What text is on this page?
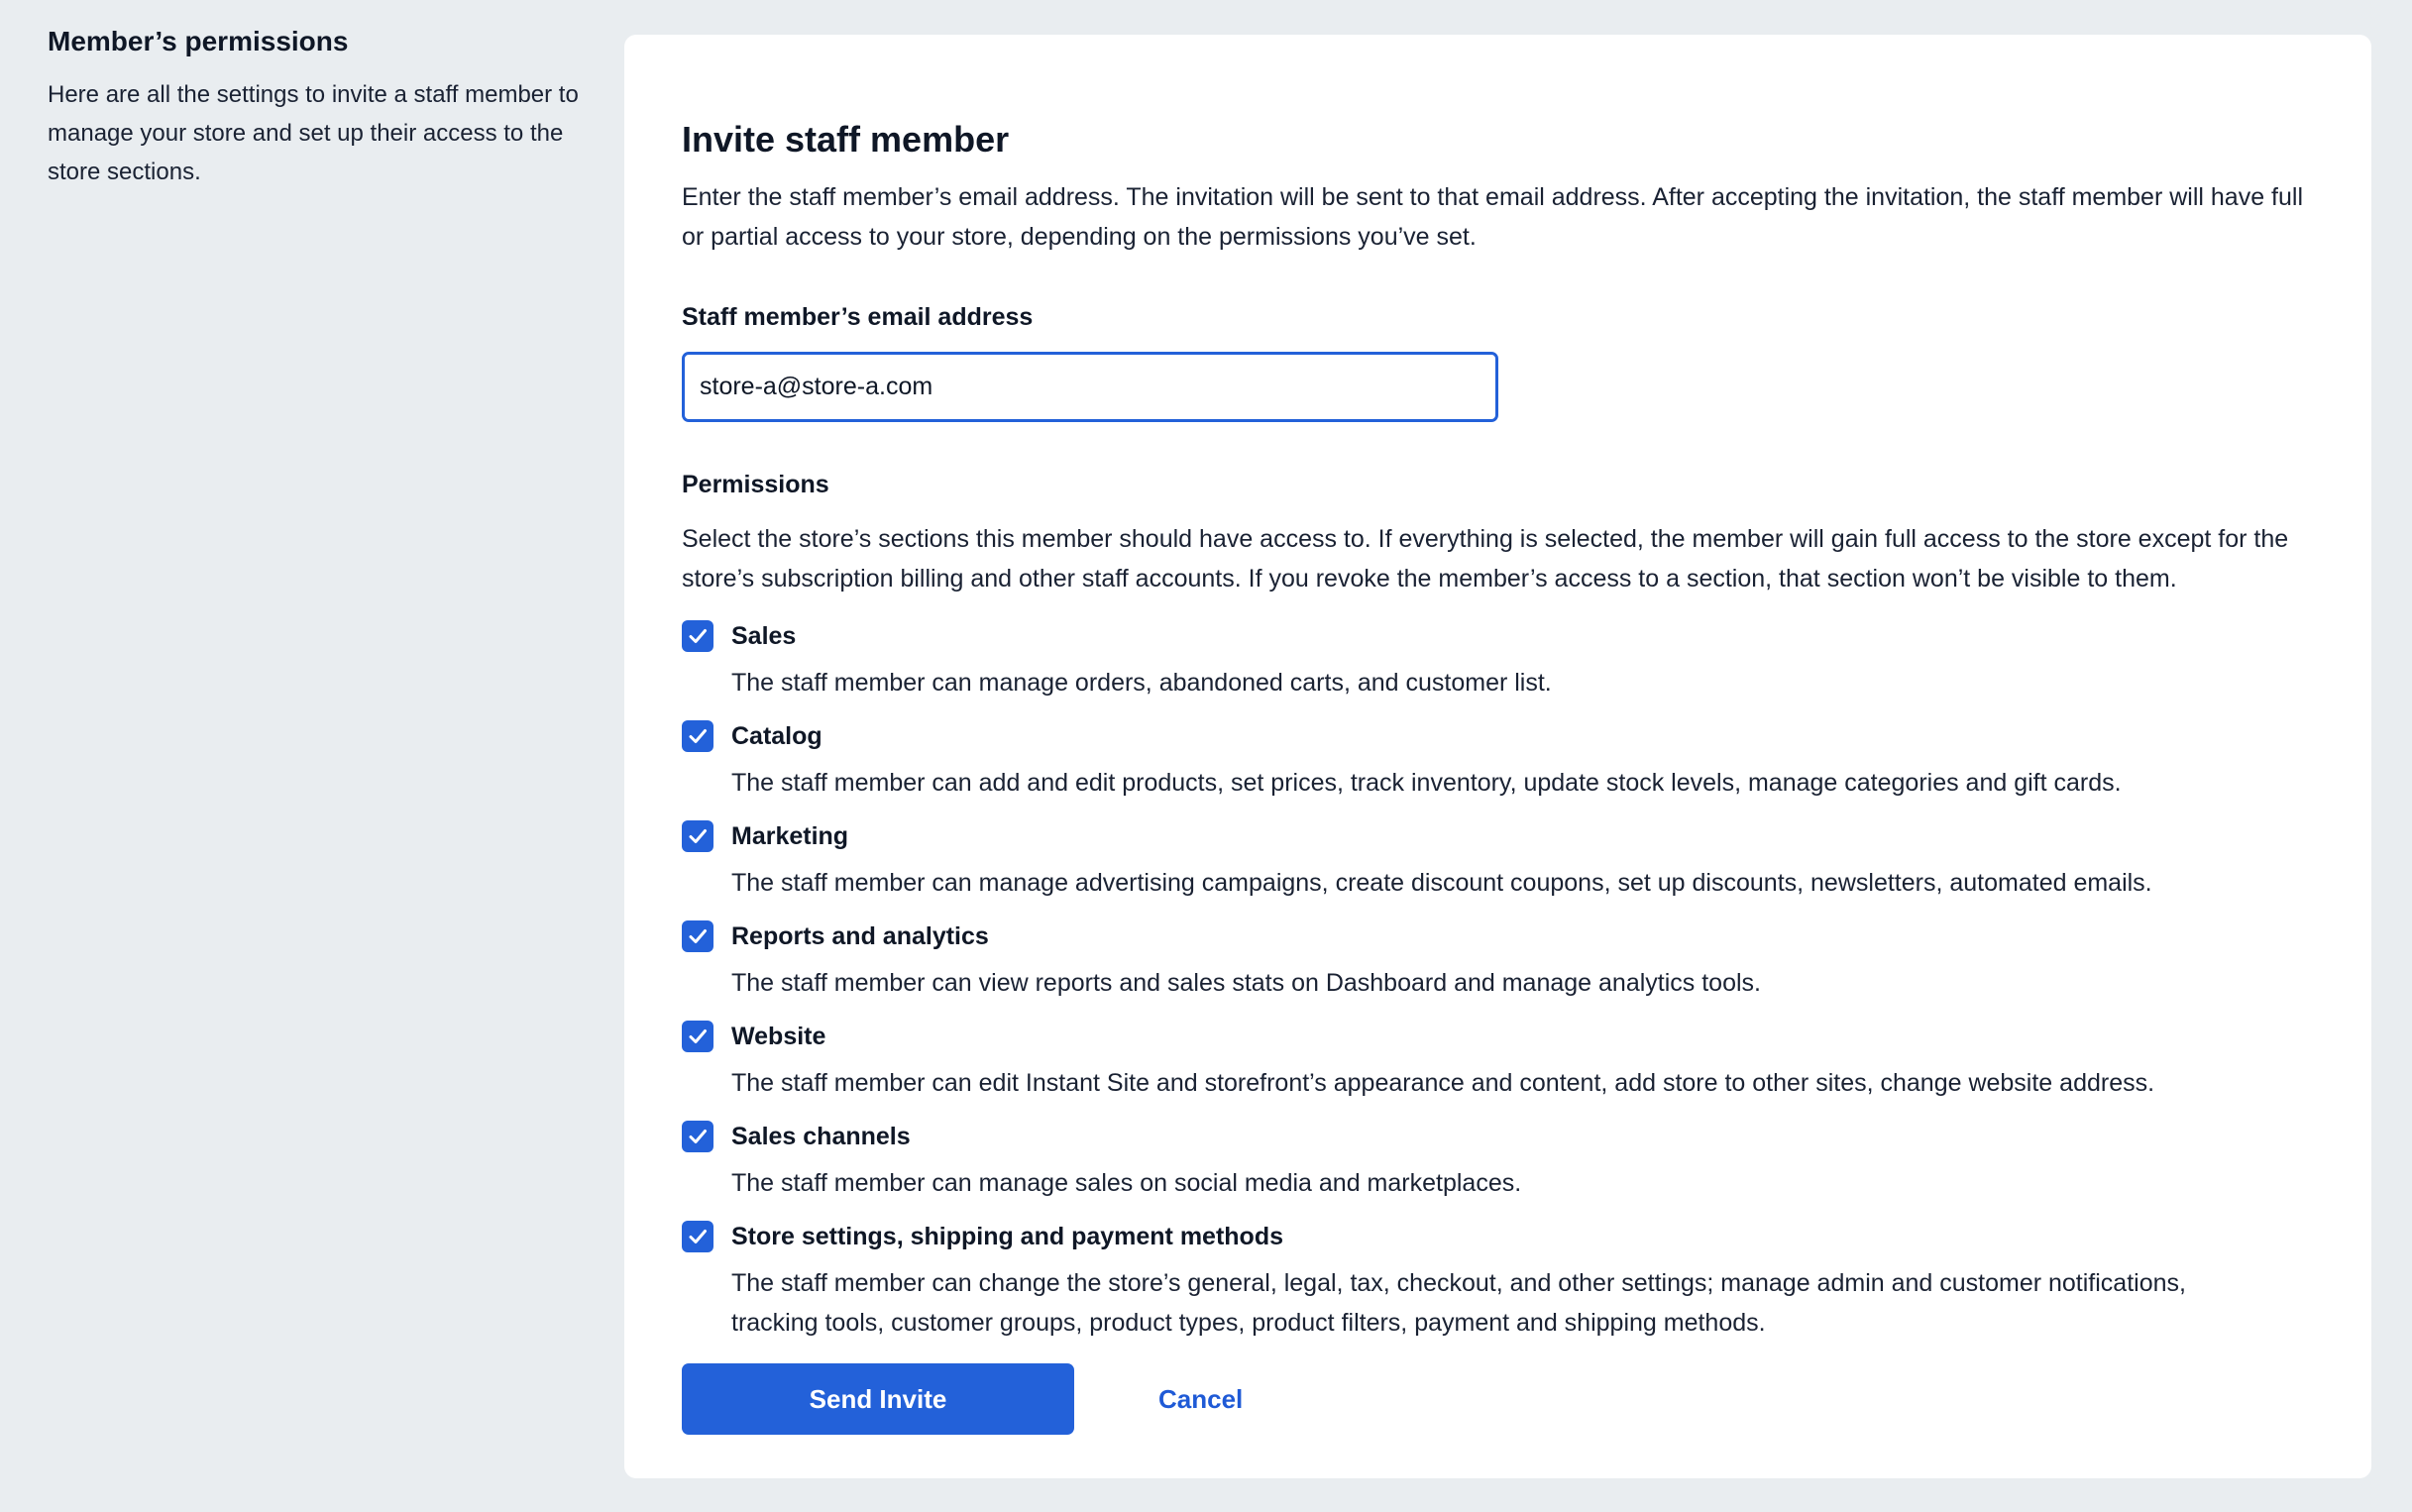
Member’s permissions

Here are all the settings to invite a staff member to manage your store and set up their access to the store sections.

Invite staff member

Enter the staff member’s email address. The invitation will be sent to that email address. After accepting the invitation, the staff member will have full or partial access to your store, depending on the permissions you’ve set.

Staff member’s email address
store-a@store-a.com
Permissions

Select the store’s sections this member should have access to. If everything is selected, the member will gain full access to the store except for the store’s subscription billing and other staff accounts. If you revoke the member’s access to a section, that section won’t be visible to them.

Sales
The staff member can manage orders, abandoned carts, and customer list.
Catalog
The staff member can add and edit products, set prices, track inventory, update stock levels, manage categories and gift cards.
Marketing
The staff member can manage advertising campaigns, create discount coupons, set up discounts, newsletters, automated emails.
Reports and analytics
The staff member can view reports and sales stats on Dashboard and manage analytics tools.
Website
The staff member can edit Instant Site and storefront’s appearance and content, add store to other sites, change website address.
Sales channels
The staff member can manage sales on social media and marketplaces.
Store settings, shipping and payment methods
The staff member can change the store’s general, legal, tax, checkout, and other settings; manage admin and customer notifications, tracking tools, customer groups, product types, product filters, payment and shipping methods.
Send Invite	Cancel
